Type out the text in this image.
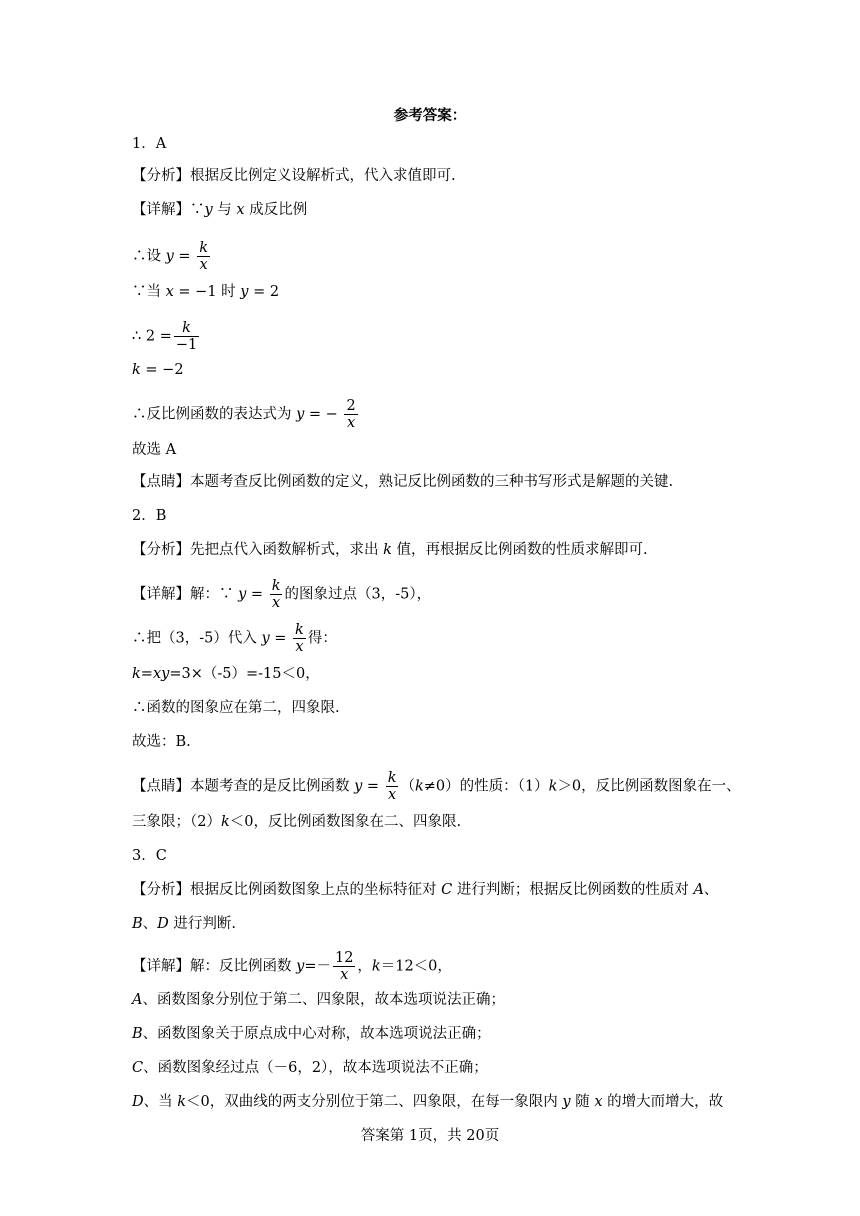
参考答案：
1．A
【分析】根据反比例定义设解析式，代入求值即可.
【详解】∵y 与 x 成反比例
∴设 $y = \frac{k}{x}$
∵当 x = −1 时 y = 2
∴ $2 = \frac{k}{-1}$
k = −2
∴反比例函数的表达式为 y = − $\frac{2}{x}$
故选 A
【点睛】本题考查反比例函数的定义，熟记反比例函数的三种书写形式是解题的关键.
2．B
【分析】先把点代入函数解析式，求出 k 值，再根据反比例函数的性质求解即可.
【详解】解：∵ $y = \frac{k}{x}$ 的图象过点（3，-5），
∴把（3，-5）代入 $y = \frac{k}{x}$ 得：
k=xy=3×（-5）=-15＜0，
∴函数的图象应在第二，四象限.
故选：B.
【点睛】本题考查的是反比例函数 $y = \frac{k}{x} (k\ne 0)$的性质：（1）k＞0，反比例函数图象在一、
三象限；（2）k＜0，反比例函数图象在二、四象限.
3．C
【分析】根据反比例函数图象上点的坐标特征对 C 进行判断；根据反比例函数的性质对 A、
B、D 进行判断.
【详解】解：反比例函数 $y=- \frac{12}{x}$ ，k＝12＜0，
A、函数图象分别位于第二、四象限，故本选项说法正确；
B、函数图象关于原点成中心对称，故本选项说法正确；
C、函数图象经过点（－6，2），故本选项说法不正确；
D、当 k＜0，双曲线的两支分别位于第二、四象限，在每一象限内 y 随 x 的增大而增大，故
答案第 1页，共 20页
